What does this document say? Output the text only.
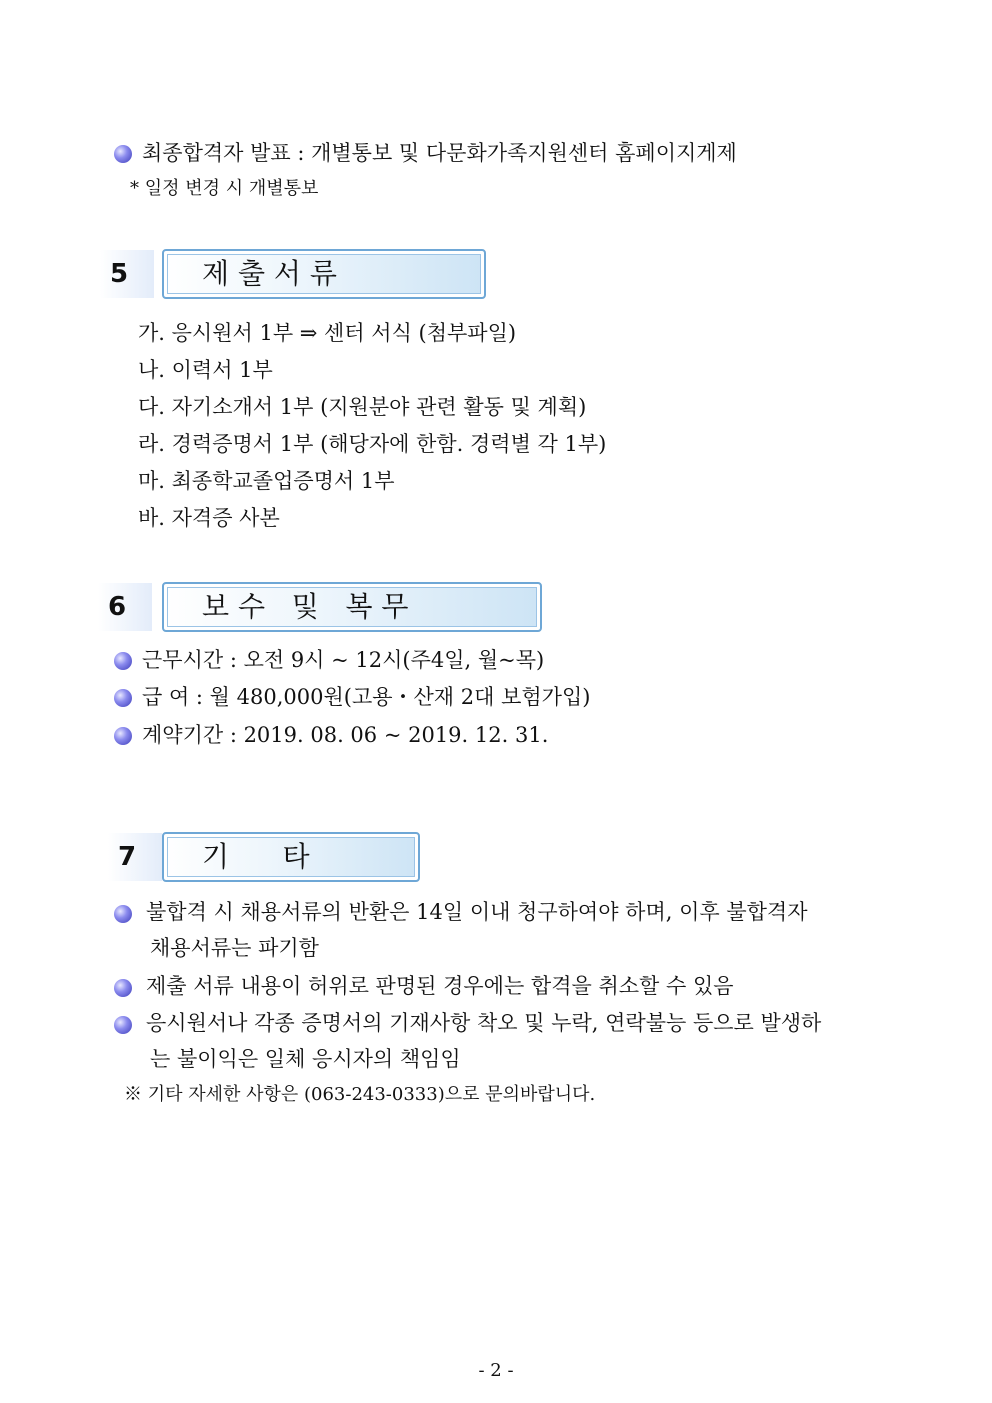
최종합격자 발표 : 개별통보 및 다문화가족지원센터 홈페이지게제
* 일정 변경 시 개별통보
5	제 출 서 류
가. 응시원서 1부 ⇒ 센터 서식 (첨부파일)
나. 이력서 1부
다. 자기소개서 1부 (지원분야 관련 활동 및 계획)
라. 경력증명서 1부 (해당자에 한함. 경력별 각 1부)
마. 최종학교졸업증명서 1부
바. 자격증 사본
6	보 수   및   복 무
근무시간 : 오전 9시 ~ 12시(주4일, 월~목)
급 여 : 월 480,000원(고용・산재 2대 보험가입)
계약기간 : 2019. 08. 06 ~ 2019. 12. 31.
7	기      타
불합격 시 채용서류의 반환은 14일 이내 청구하여야 하며, 이후 불합격자
채용서류는 파기함
제출 서류 내용이 허위로 판명된 경우에는 합격을 취소할 수 있음
응시원서나 각종 증명서의 기재사항 착오 및 누락, 연락불능 등으로 발생하
는 불이익은 일체 응시자의 책임임
※ 기타 자세한 사항은 (063-243-0333)으로 문의바랍니다.
- 2 -
